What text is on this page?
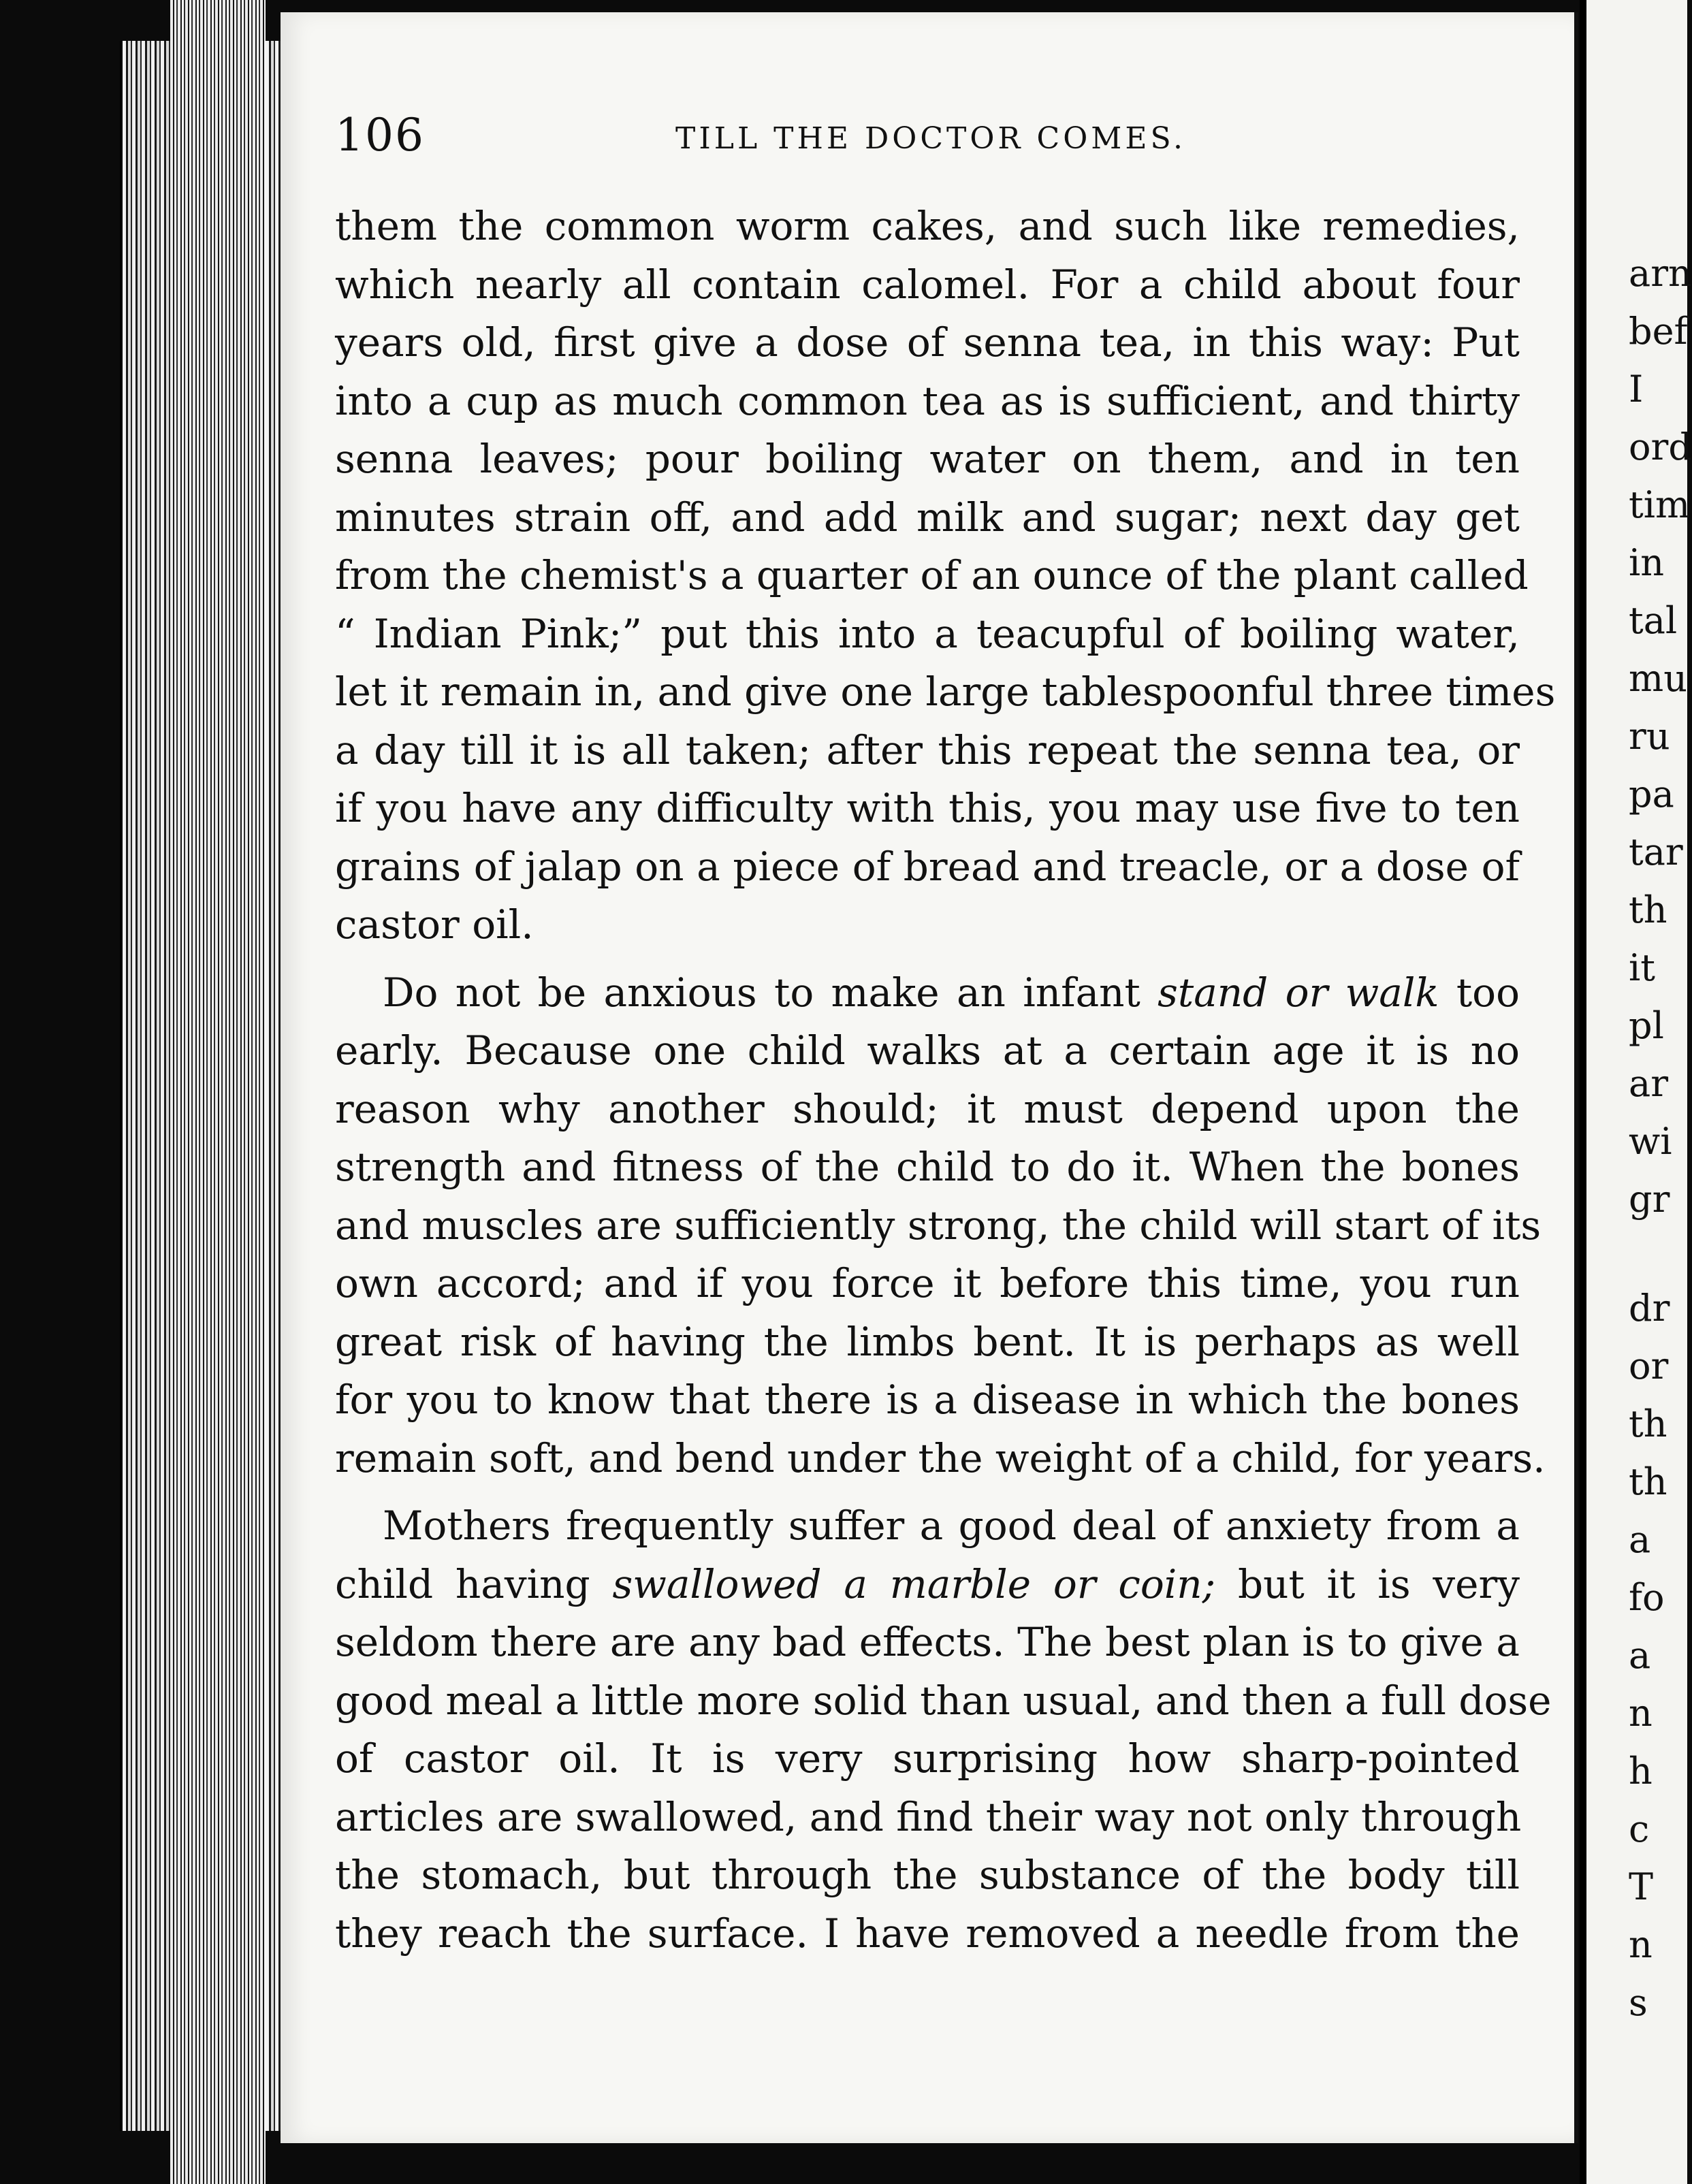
106	TILL THE DOCTOR COMES.

them the common worm cakes, and such like remedies,
which nearly all contain calomel. For a child about four
years old, first give a dose of senna tea, in this way: Put
into a cup as much common tea as is sufficient, and thirty
senna leaves; pour boiling water on them, and in ten
minutes strain off, and add milk and sugar; next day get
from the chemist's a quarter of an ounce of the plant called
“ Indian Pink;” put this into a teacupful of boiling water,
let it remain in, and give one large tablespoonful three times
a day till it is all taken; after this repeat the senna tea, or
if you have any difficulty with this, you may use five to ten
grains of jalap on a piece of bread and treacle, or a dose of
castor oil.

Do not be anxious to make an infant stand or walk too
early. Because one child walks at a certain age it is no
reason why another should; it must depend upon the
strength and fitness of the child to do it. When the bones
and muscles are sufficiently strong, the child will start of its
own accord; and if you force it before this time, you run
great risk of having the limbs bent. It is perhaps as well
for you to know that there is a disease in which the bones
remain soft, and bend under the weight of a child, for years.

Mothers frequently suffer a good deal of anxiety from a
child having swallowed a marble or coin; but it is very
seldom there are any bad effects. The best plan is to give a
good meal a little more solid than usual, and then a full dose
of castor oil. It is very surprising how sharp-pointed
articles are swallowed, and find their way not only through
the stomach, but through the substance of the body till
they reach the surface. I have removed a needle from the

arn
bef
I
ord
tim
in
tal
mu
ru
pa
tar
th
it
pl
ar
wi
gr
dr
or
th
th
a
fo
a
n
h
c
T
n
s
